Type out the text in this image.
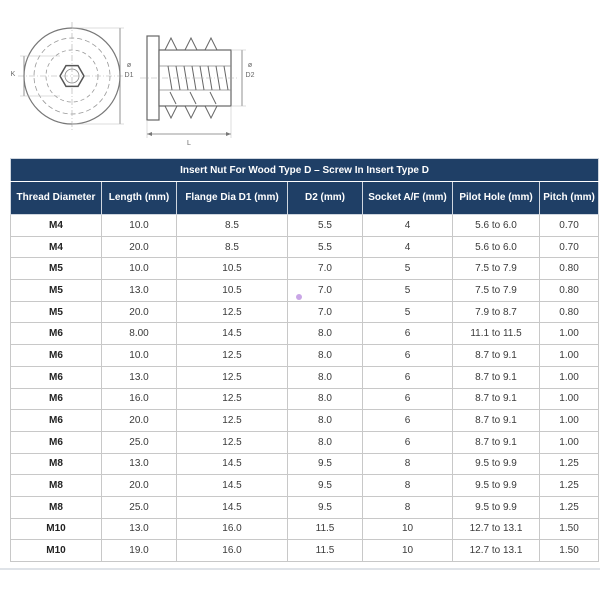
K
ø
D1
ø
D2
L
Insert Nut For Wood Type D – Screw In Insert Type D						
Thread Diameter	Length (mm)	Flange Dia D1 (mm)	D2 (mm)	Socket A/F (mm)	Pilot Hole (mm)	Pitch (mm)
M4	10.0	8.5	5.5	4	5.6 to 6.0	0.70
M4	20.0	8.5	5.5	4	5.6 to 6.0	0.70
M5	10.0	10.5	7.0	5	7.5 to 7.9	0.80
M5	13.0	10.5	7.0	5	7.5 to 7.9	0.80
M5	20.0	12.5	7.0	5	7.9 to 8.7	0.80
M6	8.00	14.5	8.0	6	11.1 to 11.5	1.00
M6	10.0	12.5	8.0	6	8.7 to 9.1	1.00
M6	13.0	12.5	8.0	6	8.7 to 9.1	1.00
M6	16.0	12.5	8.0	6	8.7 to 9.1	1.00
M6	20.0	12.5	8.0	6	8.7 to 9.1	1.00
M6	25.0	12.5	8.0	6	8.7 to 9.1	1.00
M8	13.0	14.5	9.5	8	9.5 to 9.9	1.25
M8	20.0	14.5	9.5	8	9.5 to 9.9	1.25
M8	25.0	14.5	9.5	8	9.5 to 9.9	1.25
M10	13.0	16.0	11.5	10	12.7 to 13.1	1.50
M10	19.0	16.0	11.5	10	12.7 to 13.1	1.50
